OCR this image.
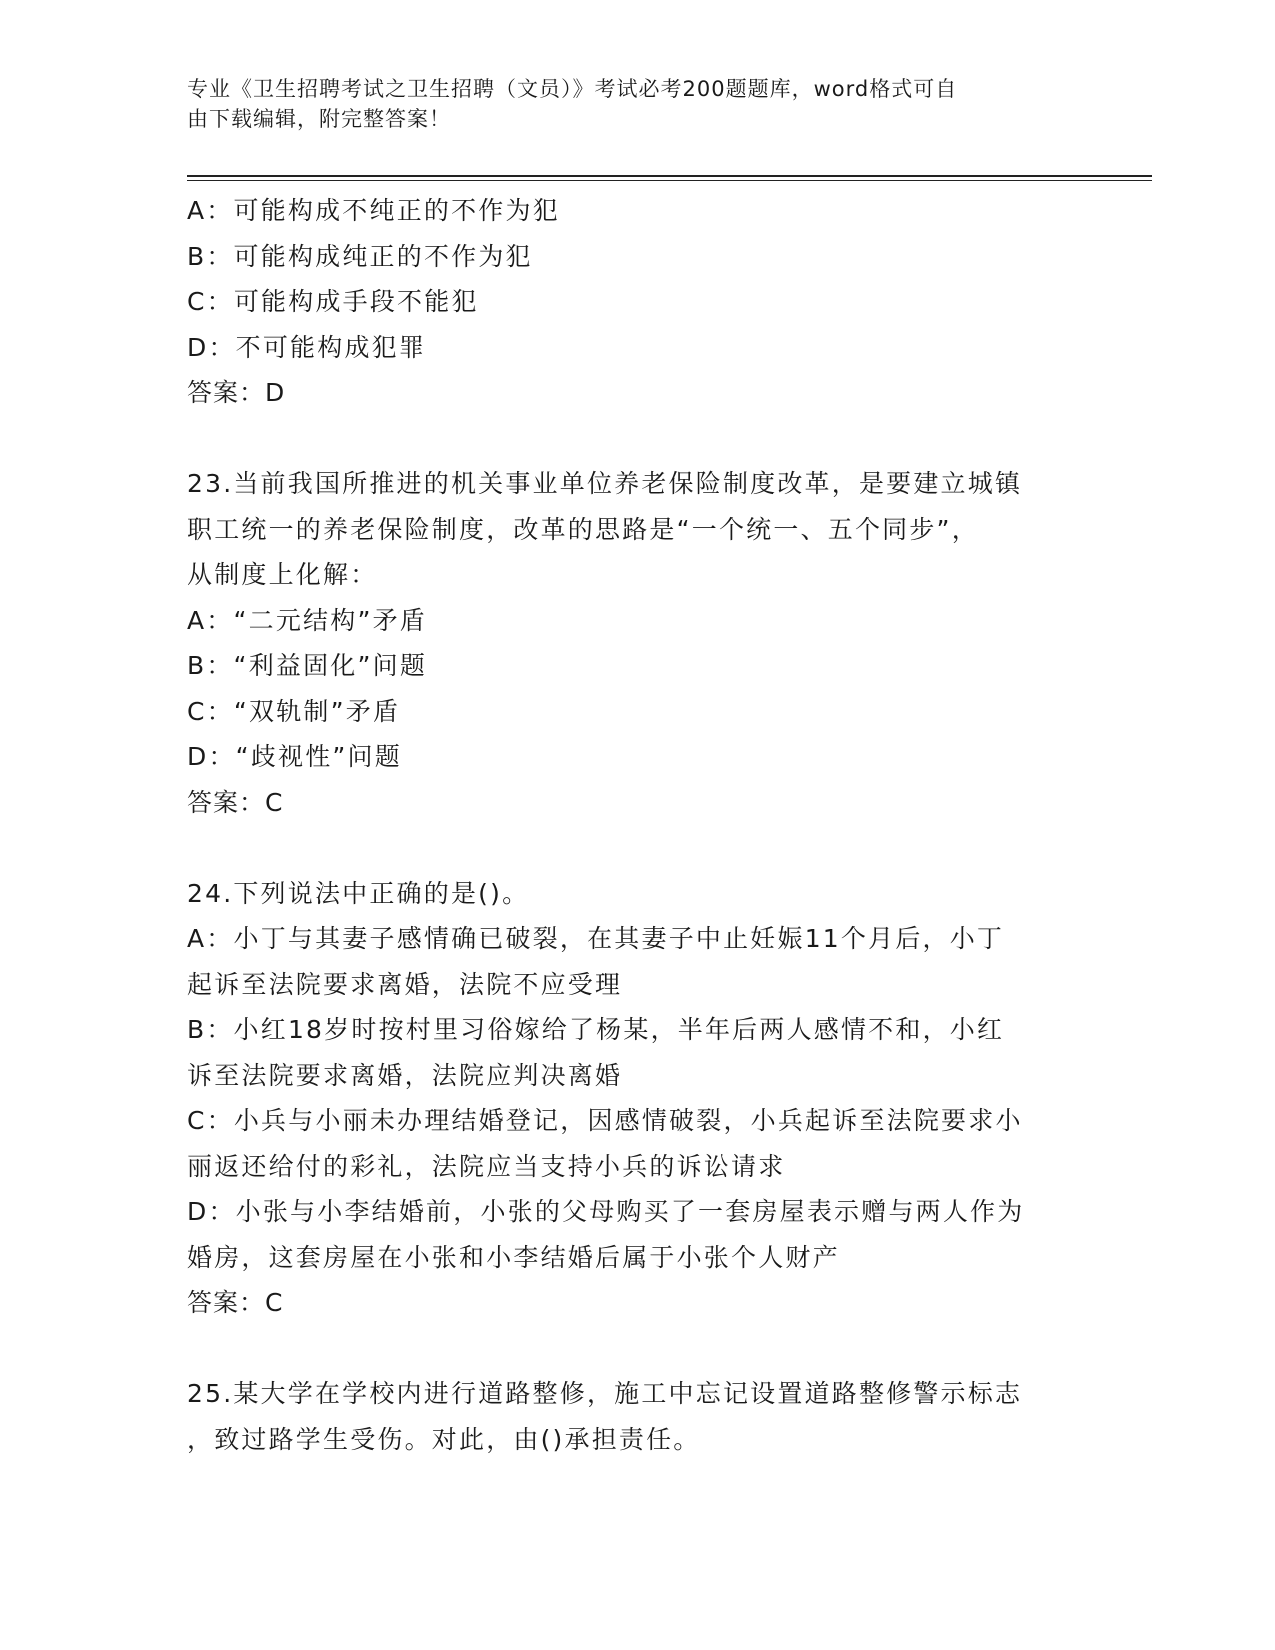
专业《卫生招聘考试之卫生招聘（文员）》考试必考200题题库，word格式可自
由下载编辑，附完整答案！
A：可能构成不纯正的不作为犯
B：可能构成纯正的不作为犯
C：可能构成手段不能犯
D：不可能构成犯罪
答案：D
23.当前我国所推进的机关事业单位养老保险制度改革，是要建立城镇
职工统一的养老保险制度，改革的思路是“一个统一、五个同步”，
从制度上化解：
A：“二元结构”矛盾
B：“利益固化”问题
C：“双轨制”矛盾
D：“歧视性”问题
答案：C
24.下列说法中正确的是()。
A：小丁与其妻子感情确已破裂，在其妻子中止妊娠11个月后，小丁
起诉至法院要求离婚，法院不应受理
B：小红18岁时按村里习俗嫁给了杨某，半年后两人感情不和，小红
诉至法院要求离婚，法院应判决离婚
C：小兵与小丽未办理结婚登记，因感情破裂，小兵起诉至法院要求小
丽返还给付的彩礼，法院应当支持小兵的诉讼请求
D：小张与小李结婚前，小张的父母购买了一套房屋表示赠与两人作为
婚房，这套房屋在小张和小李结婚后属于小张个人财产
答案：C
25.某大学在学校内进行道路整修，施工中忘记设置道路整修警示标志
，致过路学生受伤。对此，由()承担责任。
